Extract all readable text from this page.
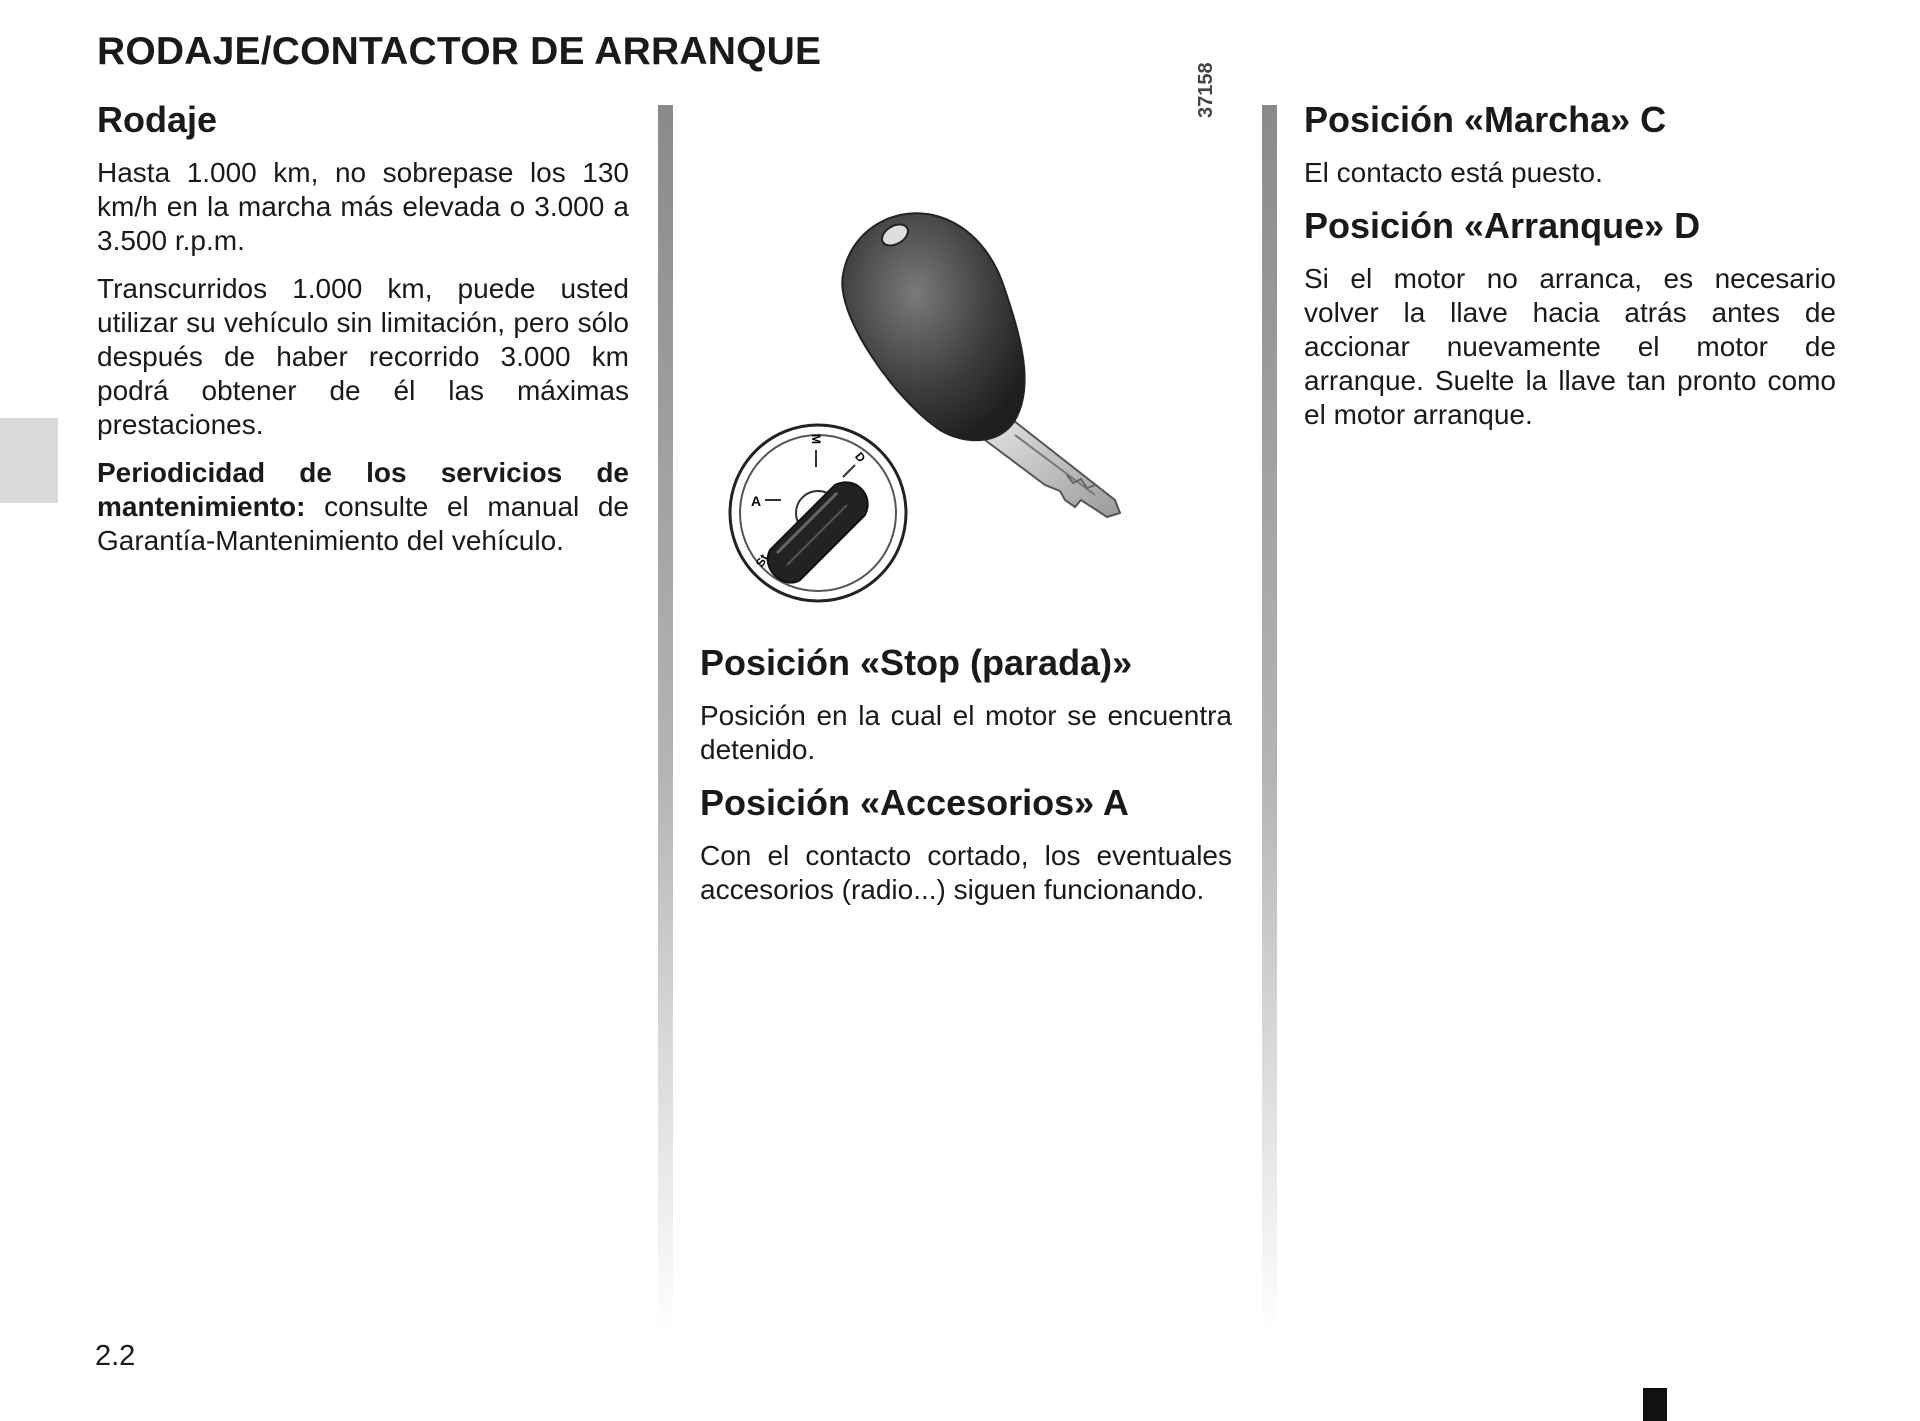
RODAJE/CONTACTOR DE ARRANQUE
Rodaje

Hasta 1.000 km, no sobrepase los 130 km/h en la marcha más elevada o 3.000 a 3.500 r.p.m.

Transcurridos 1.000 km, puede usted utilizar su vehículo sin limitación, pero sólo después de haber recorrido 3.000 km podrá obtener de él las máximas prestaciones.

Periodicidad de los servicios de mantenimiento: consulte el manual de Garantía-Mantenimiento del vehículo.

37158
A
M
D
St
Posición «Stop (parada)»

Posición en la cual el motor se encuentra detenido.

Posición «Accesorios» A

Con el contacto cortado, los eventuales accesorios (radio...) siguen funcionando.

Posición «Marcha» C

El contacto está puesto.

Posición «Arranque» D

Si el motor no arranca, es necesario volver la llave hacia atrás antes de accionar nuevamente el motor de arranque. Suelte la llave tan pronto como el motor arranque.

2.2
